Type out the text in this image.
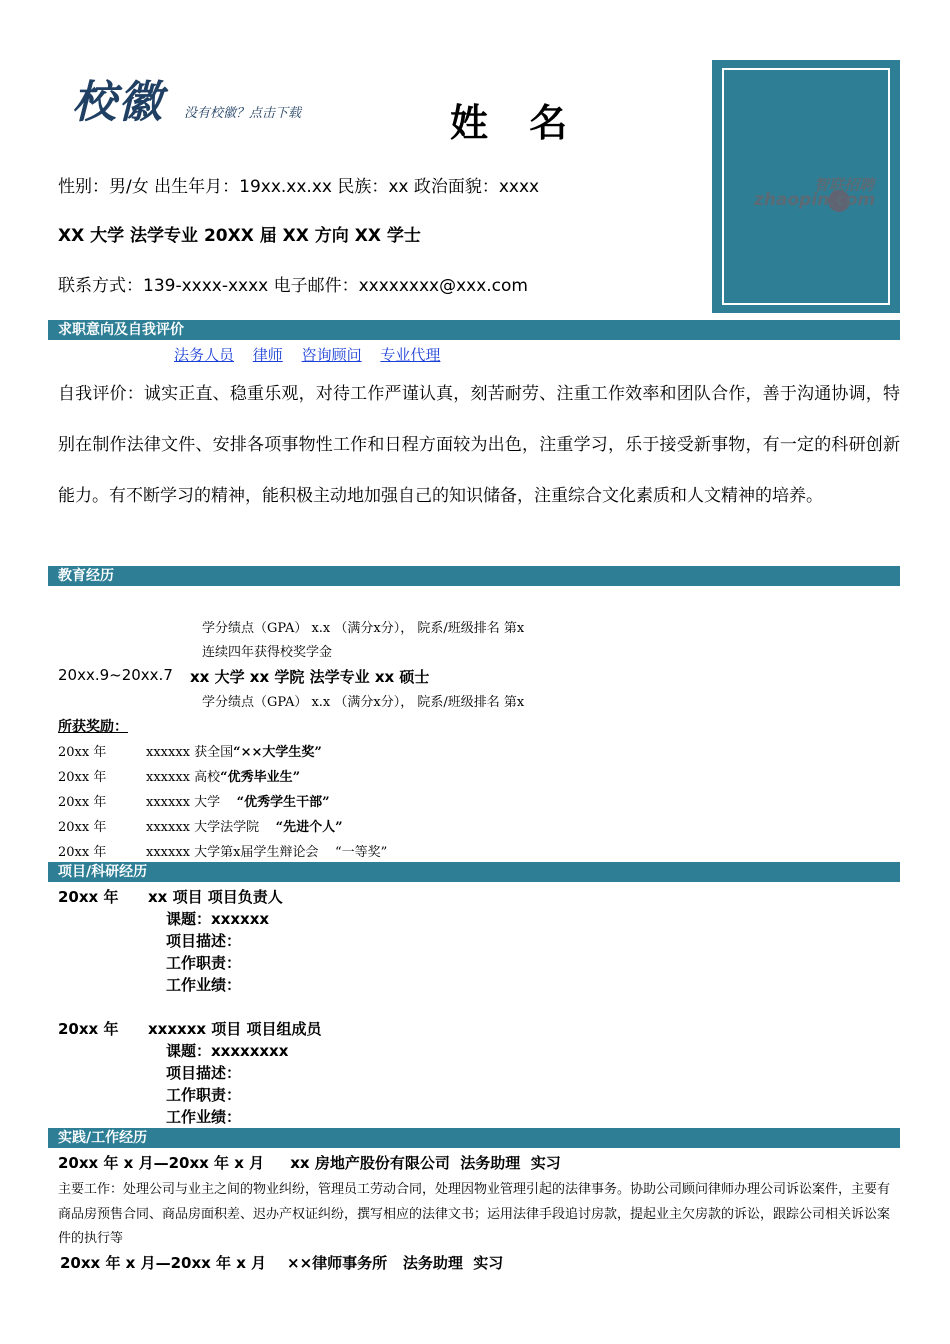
校徽 没有校徽？点击下载	姓 名
智联招聘
zhaopin.com
性别：男/女 出生年月：19xx.xx.xx 民族：xx 政治面貌：xxxx
XX 大学 法学专业 20XX 届 XX 方向 XX 学士
联系方式：139-xxxx-xxxx 电子邮件：xxxxxxxx@xxx.com
求职意向及自我评价
法务人员 律师 咨询顾问 专业代理
自我评价：诚实正直、稳重乐观，对待工作严谨认真，刻苦耐劳、注重工作效率和团队合作，善于沟通协调，特别在制作法律文件、安排各项事物性工作和日程方面较为出色，注重学习，乐于接受新事物，有一定的科研创新能力。有不断学习的精神，能积极主动地加强自己的知识储备，注重综合文化素质和人文精神的培养。
教育经历
学分绩点（GPA） x.x （满分x分）， 院系/班级排名 第x
连续四年获得校奖学金
20xx.9~20xx.7 xx 大学 xx 学院 法学专业 xx 硕士
学分绩点（GPA） x.x （满分x分）， 院系/班级排名 第x
所获奖励：
20xx 年	xxxxxx 获全国“××大学生奖”
20xx 年	xxxxxx 高校“优秀毕业生”
20xx 年	xxxxxx 大学    “优秀学生干部”
20xx 年	xxxxxx 大学法学院    “先进个人”
20xx 年	xxxxxx 大学第x届学生辩论会    “一等奖”
项目/科研经历
20xx 年 xx 项目 项目负责人
课题：xxxxxx
项目描述：
工作职责：
工作业绩：
20xx 年 xxxxxx 项目 项目组成员
课题：xxxxxxxx
项目描述：
工作职责：
工作业绩：
实践/工作经历
20xx 年 x 月—20xx 年 x 月     xx 房地产股份有限公司  法务助理  实习
主要工作：处理公司与业主之间的物业纠纷，管理员工劳动合同，处理因物业管理引起的法律事务。协助公司顾问律师办理公司诉讼案件，主要有商品房预售合同、商品房面积差、迟办产权证纠纷，撰写相应的法律文书；运用法律手段追讨房款，提起业主欠房款的诉讼，跟踪公司相关诉讼案件的执行等
20xx 年 x 月—20xx 年 x 月    ××律师事务所   法务助理  实习
